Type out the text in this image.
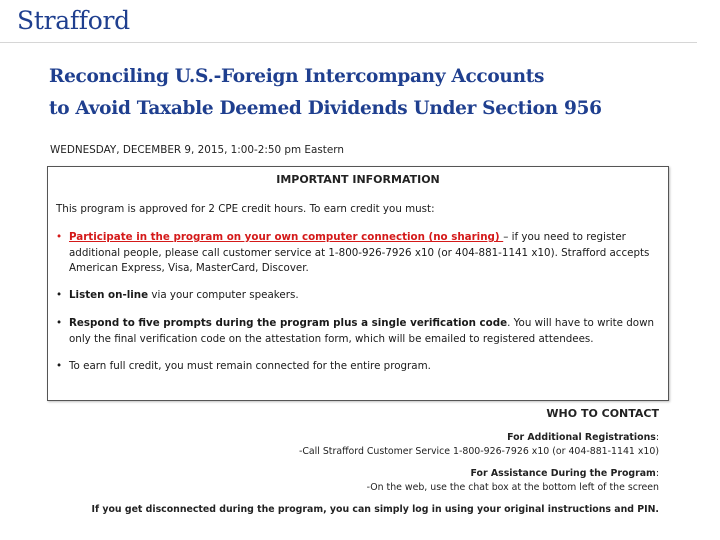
Strafford
Reconciling U.S.-Foreign Intercompany Accounts
to Avoid Taxable Deemed Dividends Under Section 956
WEDNESDAY, DECEMBER 9, 2015, 1:00-2:50 pm Eastern
IMPORTANT INFORMATION
This program is approved for 2 CPE credit hours. To earn credit you must:
• Participate in the program on your own computer connection (no sharing) – if you need to register additional people, please call customer service at 1-800-926-7926 x10 (or 404-881-1141 x10). Strafford accepts American Express, Visa, MasterCard, Discover.
• Listen on-line via your computer speakers.
• Respond to five prompts during the program plus a single verification code. You will have to write down only the final verification code on the attestation form, which will be emailed to registered attendees.
• To earn full credit, you must remain connected for the entire program.
WHO TO CONTACT
For Additional Registrations:
-Call Strafford Customer Service 1-800-926-7926 x10 (or 404-881-1141 x10)
For Assistance During the Program:
-On the web, use the chat box at the bottom left of the screen
If you get disconnected during the program, you can simply log in using your original instructions and PIN.
